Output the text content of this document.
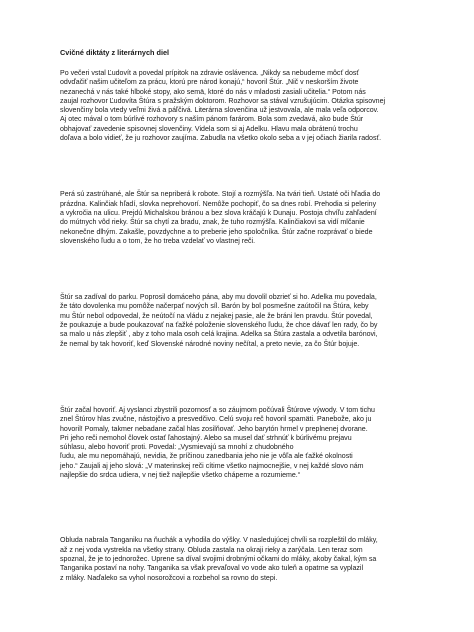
Cvičné diktáty z literárnych diel
Po večeri vstal Ľudovít a povedal prípitok na zdravie oslávenca. „Nikdy sa nebudeme môcť dosť
odvďačiť našim učiteľom za prácu, ktorú pre národ konajú,“ hovoril Štúr. „Nič v neskorším živote
nezanechá v nás také hlboké stopy, ako semä, ktoré do nás v mladosti zasiali učitelia.“ Potom nás
zaujal rozhovor Ľudovíta Štúra s pražským doktorom. Rozhovor sa stával vzrušujúcim. Otázka spisovnej
slovenčiny bola vtedy veľmi živá a páľčivá. Literárna slovenčina už jestvovala, ale mala veľa odporcov.
Aj otec mával o tom búrlivé rozhovory s naším pánom farárom. Bola som zvedavá, ako bude Štúr
obhajovať zavedenie spisovnej slovenčiny. Videla som si aj Adelku. Hlavu mala obrátenú trochu
doľava a bolo vidieť, že ju rozhovor zaujíma. Zabudla na všetko okolo seba a v jej očiach žiarila radosť.
Perá sú zastrúhané, ale Štúr sa nepriberá k robote. Stojí a rozmýšľa. Na tvári tieň. Ustaté oči hľadia do
prázdna. Kalinčiak hľadí, slovka neprehovorí. Nemôže pochopiť, čo sa dnes robí. Prehodia si peleriny
a vykročia na ulicu. Prejdú Michalskou bránou a bez slova kráčajú k Dunaju. Postoja chvíľu zahľadení
do mútnych vôd rieky. Štúr sa chytí za bradu, znak, že tuho rozmýšľa. Kalinčiakovi sa vidí mlčanie
nekonečne dlhým. Zakašle, povzdychne a to preberie jeho spoločníka. Štúr začne rozprávať o biede
slovenského ľudu a o tom, že ho treba vzdelať vo vlastnej reči.
Štúr sa zadíval do parku. Poprosil domáceho pána, aby mu dovolil obzrieť si ho. Adelka mu povedala,
že táto dovolenka mu pomôže načerpať nových síl. Barón by bol posmešne zaútočil na Štúra, keby
mu Štúr nebol odpovedal, že neútočí na vládu z nejakej pasie, ale že bráni len pravdu. Štúr povedal,
že poukazuje a bude poukazovať na ťažké položenie slovenského ľudu, že chce dávať len rady, čo by
sa malo u nás zlepšiť , aby z toho mala osoh celá krajina. Adelka sa Štúra zastala a odvetila barónovi,
že nemal by tak hovoriť, keď Slovenské národné noviny nečítal, a preto nevie, za čo Štúr bojuje.
Štúr začal hovoriť. Aj vyslanci zbystrili pozornosť a so záujmom počúvali Štúrove výwody. V tom tichu
znel Štúrov hlas zvučne, nástojčivo a presvedčivo. Celú svoju reč hovoril spamäti. Panebože, ako ju
hovoril! Pomaly, takmer nebadane začal hlas zosilňovať. Jeho barytón hrmel v preplnenej dvorane.
Pri jeho reči nemohol človek ostať ľahostajný. Alebo sa musel dať strhnúť k búrlivému prejavu
súhlasu, alebo hovoriť proti. Povedal: „Vysmievajú sa mnohí z chudobného
ľudu, ale mu nepomáhajú, nevidia, že príčinou zanedbania jeho nie je vôľa ale ťažké okolnosti
jeho.“ Zaujali aj jeho slová: „V materinskej reči cítime všetko najmocnejšie, v nej každé slovo nám
najlepšie do srdca udiera, v nej tiež najlepšie všetko chápeme a rozumieme.“
Obluda nabrala Tanganiku na ňuchák a vyhodila do výšky. V nasledujúcej chvíli sa rozpleštil do mláky,
až z nej voda vystrekla na všetky strany. Obluda zastala na okraji rieky a zarýčala. Len teraz som
spoznal, že je to jednorožec. Uprene sa díval svojimi drobnými očkami do mláky, akoby čakal, kým sa
Tanganika postaví na nohy. Tanganika sa však prevaľoval vo vode ako tuleň a opatrne sa vyplazil
z mláky. Naďaleko sa vyhol nosorožcovi a rozbehol sa rovno do stepi.
